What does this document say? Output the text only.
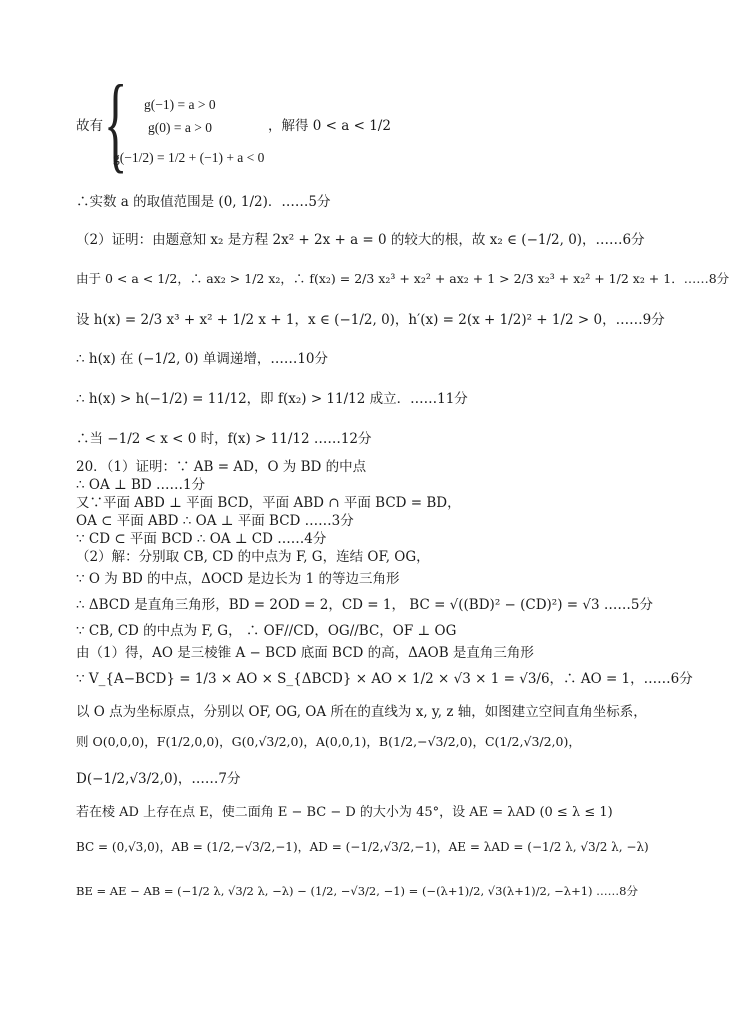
故有 { g(−1) = a > 0
g(0) = a > 0
g(−1/2) = 1/2 + (−1) + a < 0
，解得 0 < a < 1/2
∴实数 a 的取值范围是 (0, 1/2)．……5分
（2）证明：由题意知 x₂ 是方程 2x² + 2x + a = 0 的较大的根，故 x₂ ∈ (−1/2, 0)，……6分
由于 0 < a < 1/2，∴ ax₂ > 1/2 x₂，∴ f(x₂) = 2/3 x₂³ + x₂² + ax₂ + 1 > 2/3 x₂³ + x₂² + 1/2 x₂ + 1．……8分
设 h(x) = 2/3 x³ + x² + 1/2 x + 1，x ∈ (−1/2, 0)，h′(x) = 2(x + 1/2)² + 1/2 > 0，……9分
∴ h(x) 在 (−1/2, 0) 单调递增，……10分
∴ h(x) > h(−1/2) = 11/12，即 f(x₂) > 11/12 成立．……11分
∴当 −1/2 < x < 0 时，f(x) > 11/12 ……12分
20．（1）证明：∵ AB = AD，O 为 BD 的中点
∴ OA ⊥ BD ……1分
又∵平面 ABD ⊥ 平面 BCD，平面 ABD ∩ 平面 BCD = BD，
OA ⊂ 平面 ABD ∴ OA ⊥ 平面 BCD ……3分
∵ CD ⊂ 平面 BCD ∴ OA ⊥ CD ……4分
（2）解：分别取 CB, CD 的中点为 F, G，连结 OF, OG，
∵ O 为 BD 的中点，ΔOCD 是边长为 1 的等边三角形
∴ ΔBCD 是直角三角形，BD = 2OD = 2，CD = 1， BC = √((BD)² − (CD)²) = √3 ……5分
∵ CB, CD 的中点为 F, G， ∴ OF//CD，OG//BC，OF ⊥ OG
由（1）得，AO 是三棱锥 A − BCD 底面 BCD 的高，ΔAOB 是直角三角形
∵ V_{A−BCD} = 1/3 × AO × S_{ΔBCD} × AO × 1/2 × √3 × 1 = √3/6，∴ AO = 1，……6分
以 O 点为坐标原点，分别以 OF, OG, OA 所在的直线为 x, y, z 轴，如图建立空间直角坐标系，
则 O(0,0,0)，F(1/2,0,0)，G(0,√3/2,0)，A(0,0,1)，B(1/2,−√3/2,0)，C(1/2,√3/2,0)，
D(−1/2,√3/2,0)，……7分
若在棱 AD 上存在点 E，使二面角 E − BC − D 的大小为 45°，设 AE = λAD (0 ≤ λ ≤ 1)
BC = (0,√3,0)，AB = (1/2,−√3/2,−1)，AD = (−1/2,√3/2,−1)，AE = λAD = (−1/2 λ, √3/2 λ, −λ)
BE = AE − AB = (−1/2 λ, √3/2 λ, −λ) − (1/2, −√3/2, −1) = (−(λ+1)/2, √3(λ+1)/2, −λ+1) ……8分
